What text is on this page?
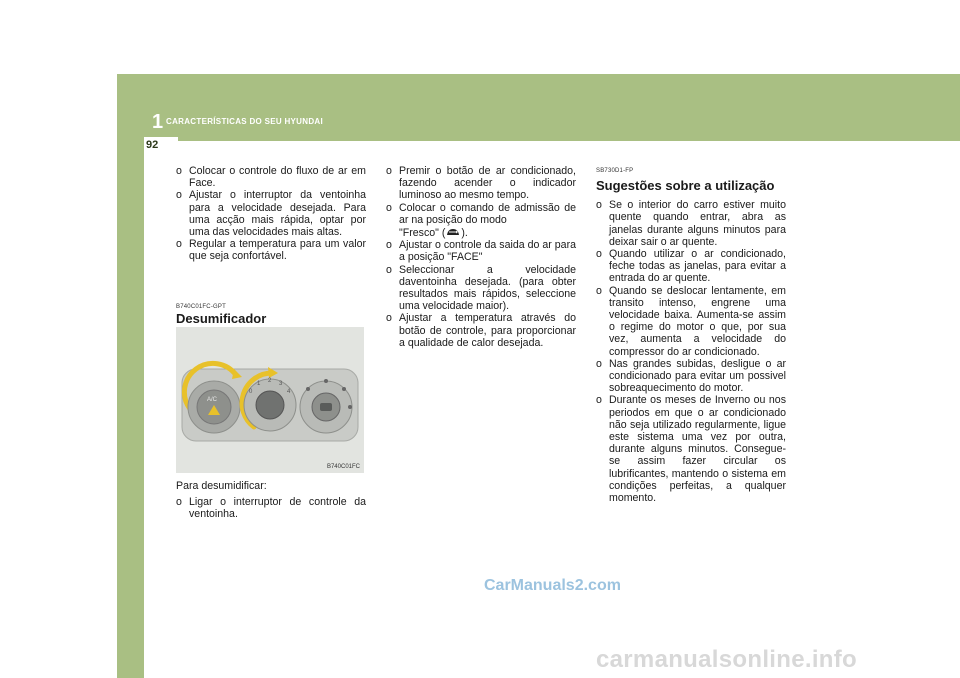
1 CARACTERÍSTICAS DO SEU HYUNDAI
92
o Colocar o controle do fluxo de ar em Face.
o Ajustar o interruptor da ventoinha para a velocidade desejada. Para uma acção mais rápida, optar por uma das velocidades mais altas.
o Regular a temperatura para um valor que seja confortável.

B740C01FC-GPT

Desumificador

A/C
0
1 2 3
4
B740C01FC

Para desumidificar:

o Ligar o interruptor de controle da ventoinha.
o Premir o botão de ar condicionado, fazendo acender o indicador luminoso ao mesmo tempo.
o Colocar o comando de admissão de ar na posição do modo
"Fresco" ( ).
o Ajustar o controle da saida do ar para a posição "FACE"
o Seleccionar a velocidade daventoinha desejada. (para obter resultados mais rápidos, seleccione uma velocidade maior).
o Ajustar a temperatura através do botão de controle, para proporcionar a qualidade de calor desejada.

SB730D1-FP

Sugestões sobre a utilização

o Se o interior do carro estiver muito quente quando entrar, abra as janelas durante alguns minutos para deixar sair o ar quente.
o Quando utilizar o ar condicionado, feche todas as janelas, para evitar a entrada do ar quente.
o Quando se deslocar lentamente, em transito intenso, engrene uma velocidade baixa. Aumenta-se assim o regime do motor o que, por sua vez, aumenta a velocidade do compressor do ar condicionado.
o Nas grandes subidas, desligue o ar condicionado para evitar um possivel sobreaquecimento do motor.
o Durante os meses de Inverno ou nos periodos em que o ar condicionado não seja utilizado regularmente, ligue este sistema uma vez por outra, durante alguns minutos. Consegue-se assim fazer circular os lubrificantes, mantendo o sistema em condições perfeitas, a qualquer momento.
CarManuals2.com
carmanualsonline.info
